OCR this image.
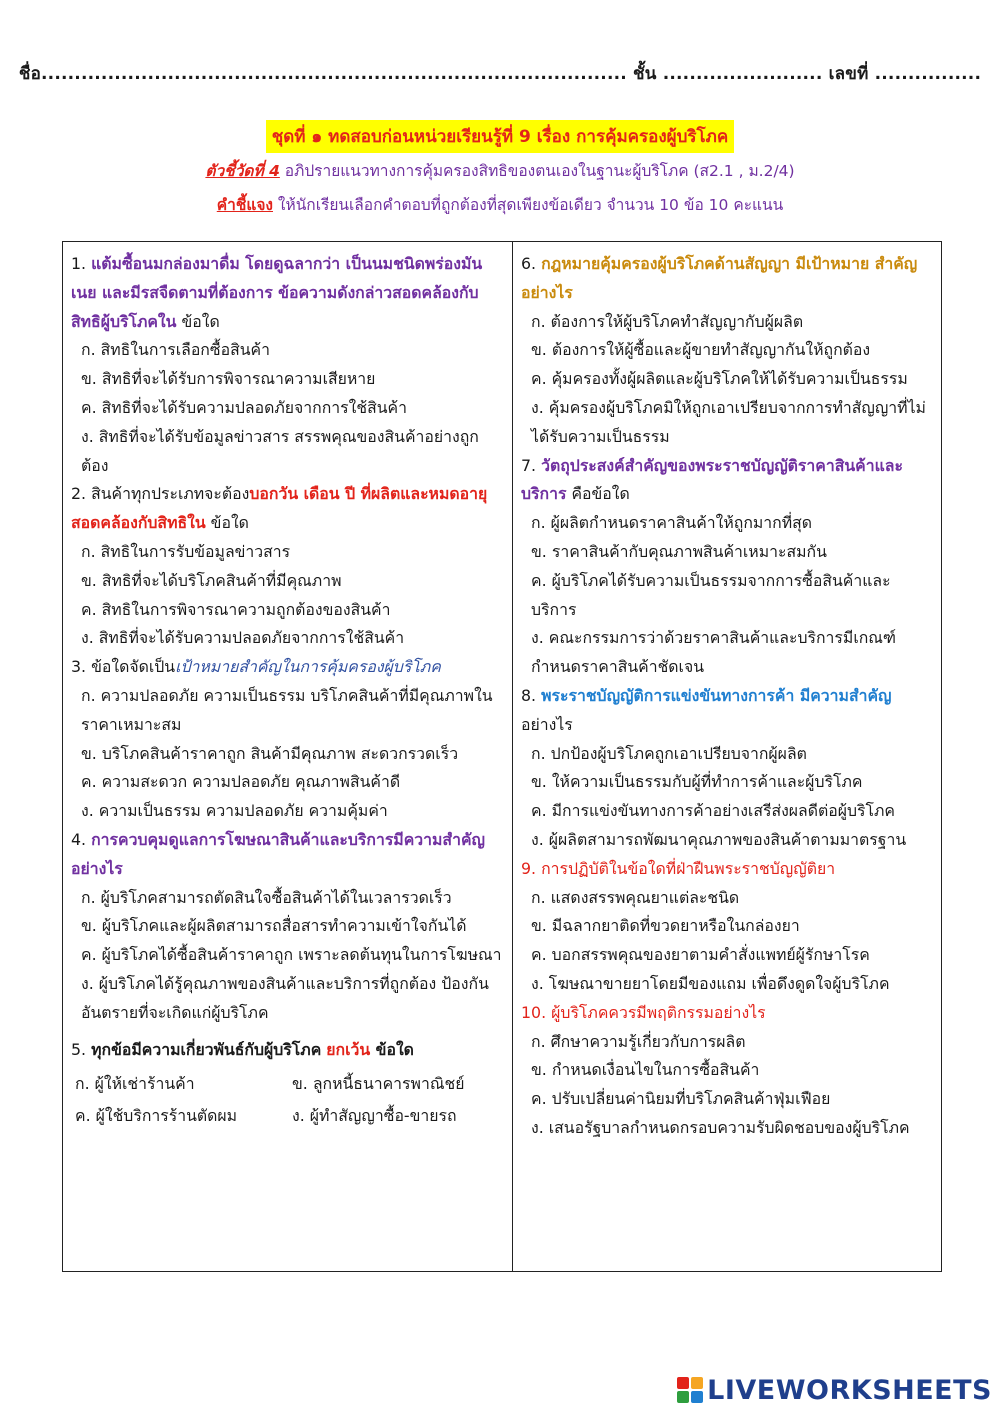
ชื่อ........................................................................................ ชั้น ........................ เลขที่ ................
ชุดที่ ๑ ทดสอบก่อนหน่วยเรียนรู้ที่ 9 เรื่อง การคุ้มครองผู้บริโภค
ตัวชี้วัดที่ 4 อภิปรายแนวทางการคุ้มครองสิทธิของตนเองในฐานะผู้บริโภค (ส2.1 , ม.2/4)
คำชี้แจง ให้นักเรียนเลือกคำตอบที่ถูกต้องที่สุดเพียงข้อเดียว จำนวน 10 ข้อ 10 คะแนน

1. แต้มซื้อนมกล่องมาดื่ม โดยดูฉลากว่า เป็นนมชนิดพร่องมันเนย และมีรสจืดตามที่ต้องการ ข้อความดังกล่าวสอดคล้องกับสิทธิผู้บริโภคใน ข้อใด

ก. สิทธิในการเลือกซื้อสินค้า

ข. สิทธิที่จะได้รับการพิจารณาความเสียหาย

ค. สิทธิที่จะได้รับความปลอดภัยจากการใช้สินค้า

ง. สิทธิที่จะได้รับข้อมูลข่าวสาร สรรพคุณของสินค้าอย่างถูกต้อง

2. สินค้าทุกประเภทจะต้องบอกวัน เดือน ปี ที่ผลิตและหมดอายุ สอดคล้องกับสิทธิใน ข้อใด

ก. สิทธิในการรับข้อมูลข่าวสาร

ข. สิทธิที่จะได้บริโภคสินค้าที่มีคุณภาพ

ค. สิทธิในการพิจารณาความถูกต้องของสินค้า

ง. สิทธิที่จะได้รับความปลอดภัยจากการใช้สินค้า

3. ข้อใดจัดเป็นเป้าหมายสำคัญในการคุ้มครองผู้บริโภค

ก. ความปลอดภัย ความเป็นธรรม บริโภคสินค้าที่มีคุณภาพในราคาเหมาะสม

ข. บริโภคสินค้าราคาถูก สินค้ามีคุณภาพ สะดวกรวดเร็ว

ค. ความสะดวก ความปลอดภัย คุณภาพสินค้าดี

ง. ความเป็นธรรม ความปลอดภัย ความคุ้มค่า

4. การควบคุมดูแลการโฆษณาสินค้าและบริการมีความสำคัญอย่างไร

ก. ผู้บริโภคสามารถตัดสินใจซื้อสินค้าได้ในเวลารวดเร็ว

ข. ผู้บริโภคและผู้ผลิตสามารถสื่อสารทำความเข้าใจกันได้

ค. ผู้บริโภคได้ซื้อสินค้าราคาถูก เพราะลดต้นทุนในการโฆษณา

ง. ผู้บริโภคได้รู้คุณภาพของสินค้าและบริการที่ถูกต้อง ป้องกันอันตรายที่จะเกิดแก่ผู้บริโภค

5. ทุกข้อมีความเกี่ยวพันธ์กับผู้บริโภค ยกเว้น ข้อใด

ก. ผู้ให้เช่าร้านค้า	ข. ลูกหนี้ธนาคารพาณิชย์
ค. ผู้ใช้บริการร้านตัดผม	ง. ผู้ทำสัญญาซื้อ-ขายรถ

6. กฎหมายคุ้มครองผู้บริโภคด้านสัญญา มีเป้าหมาย สำคัญอย่างไร

ก. ต้องการให้ผู้บริโภคทำสัญญากับผู้ผลิต

ข. ต้องการให้ผู้ซื้อและผู้ขายทำสัญญากันให้ถูกต้อง

ค. คุ้มครองทั้งผู้ผลิตและผู้บริโภคให้ได้รับความเป็นธรรม

ง. คุ้มครองผู้บริโภคมิให้ถูกเอาเปรียบจากการทำสัญญาที่ไม่ได้รับความเป็นธรรม

7. วัตถุประสงค์สำคัญของพระราชบัญญัติราคาสินค้าและบริการ คือข้อใด

ก. ผู้ผลิตกำหนดราคาสินค้าให้ถูกมากที่สุด

ข. ราคาสินค้ากับคุณภาพสินค้าเหมาะสมกัน

ค. ผู้บริโภคได้รับความเป็นธรรมจากการซื้อสินค้าและบริการ

ง. คณะกรรมการว่าด้วยราคาสินค้าและบริการมีเกณฑ์กำหนดราคาสินค้าชัดเจน

8. พระราชบัญญัติการแข่งขันทางการค้า มีความสำคัญ อย่างไร

ก. ปกป้องผู้บริโภคถูกเอาเปรียบจากผู้ผลิต

ข. ให้ความเป็นธรรมกับผู้ที่ทำการค้าและผู้บริโภค

ค. มีการแข่งขันทางการค้าอย่างเสรีส่งผลดีต่อผู้บริโภค

ง. ผู้ผลิตสามารถพัฒนาคุณภาพของสินค้าตามมาตรฐาน

9. การปฏิบัติในข้อใดที่ฝ่าฝืนพระราชบัญญัติยา

ก. แสดงสรรพคุณยาแต่ละชนิด

ข. มีฉลากยาติดที่ขวดยาหรือในกล่องยา

ค. บอกสรรพคุณของยาตามคำสั่งแพทย์ผู้รักษาโรค

ง. โฆษณาขายยาโดยมีของแถม เพื่อดึงดูดใจผู้บริโภค

10. ผู้บริโภคควรมีพฤติกรรมอย่างไร

ก. ศึกษาความรู้เกี่ยวกับการผลิต

ข. กำหนดเงื่อนไขในการซื้อสินค้า

ค. ปรับเปลี่ยนค่านิยมที่บริโภคสินค้าฟุ่มเฟือย

ง. เสนอรัฐบาลกำหนดกรอบความรับผิดชอบของผู้บริโภค

LIVEWORKSHEETS
